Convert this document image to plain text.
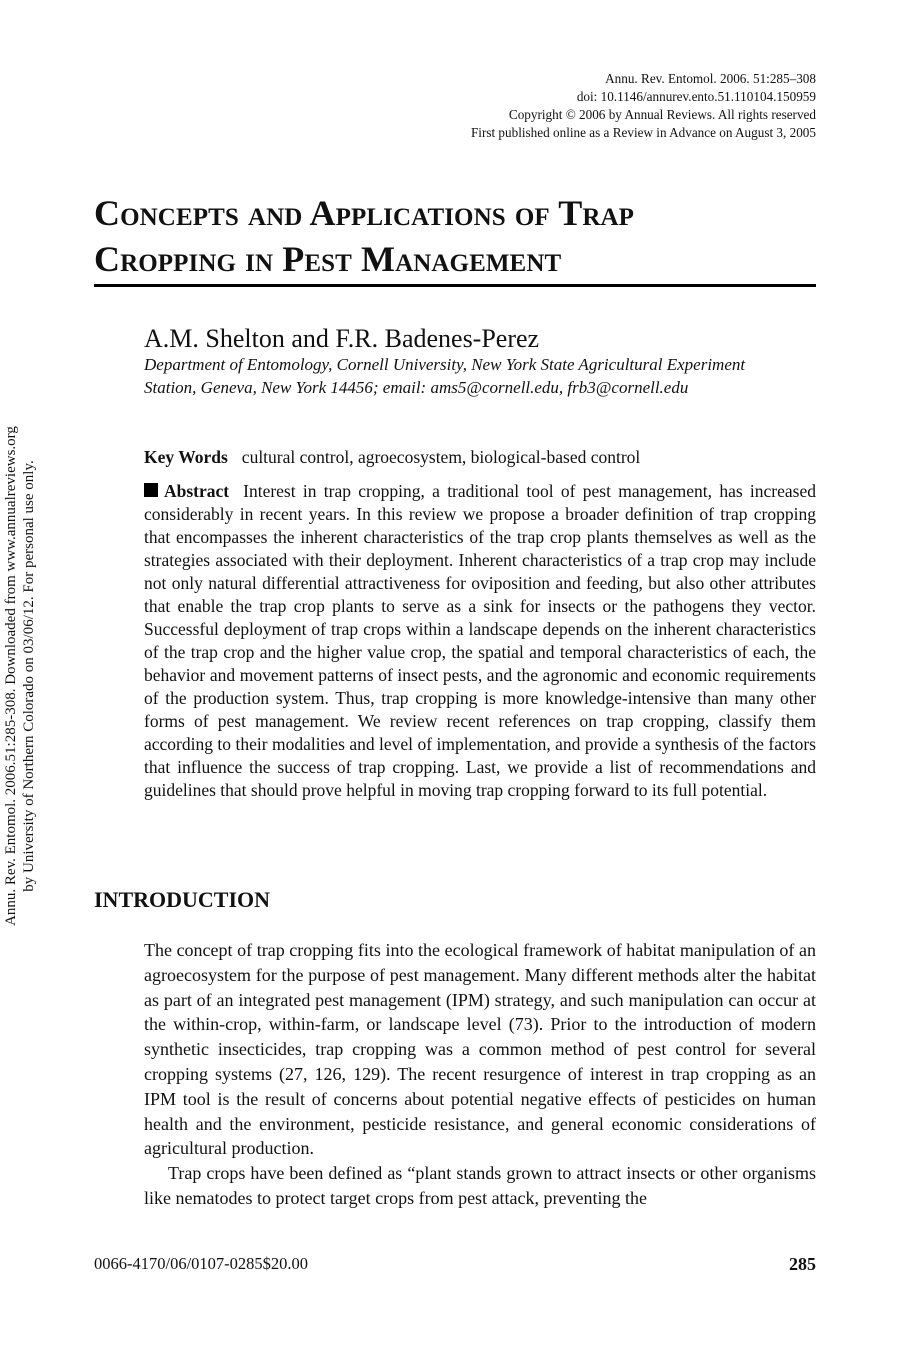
Annu. Rev. Entomol. 2006. 51:285–308
doi: 10.1146/annurev.ento.51.110104.150959
Copyright © 2006 by Annual Reviews. All rights reserved
First published online as a Review in Advance on August 3, 2005
Concepts and Applications of Trap
Cropping in Pest Management
A.M. Shelton and F.R. Badenes-Perez
Department of Entomology, Cornell University, New York State Agricultural Experiment
Station, Geneva, New York 14456; email: ams5@cornell.edu, frb3@cornell.edu
Key Words cultural control, agroecosystem, biological-based control
Abstract Interest in trap cropping, a traditional tool of pest management, has increased considerably in recent years. In this review we propose a broader definition of trap cropping that encompasses the inherent characteristics of the trap crop plants themselves as well as the strategies associated with their deployment. Inherent characteristics of a trap crop may include not only natural differential attractiveness for oviposition and feeding, but also other attributes that enable the trap crop plants to serve as a sink for insects or the pathogens they vector. Successful deployment of trap crops within a landscape depends on the inherent characteristics of the trap crop and the higher value crop, the spatial and temporal characteristics of each, the behavior and movement patterns of insect pests, and the agronomic and economic requirements of the production system. Thus, trap cropping is more knowledge-intensive than many other forms of pest management. We review recent references on trap cropping, classify them according to their modalities and level of implementation, and provide a synthesis of the factors that influence the success of trap cropping. Last, we provide a list of recommendations and guidelines that should prove helpful in moving trap cropping forward to its full potential.
INTRODUCTION

The concept of trap cropping fits into the ecological framework of habitat manipulation of an agroecosystem for the purpose of pest management. Many different methods alter the habitat as part of an integrated pest management (IPM) strategy, and such manipulation can occur at the within-crop, within-farm, or landscape level (73). Prior to the introduction of modern synthetic insecticides, trap cropping was a common method of pest control for several cropping systems (27, 126, 129). The recent resurgence of interest in trap cropping as an IPM tool is the result of concerns about potential negative effects of pesticides on human health and the environment, pesticide resistance, and general economic considerations of agricultural production.

Trap crops have been defined as “plant stands grown to attract insects or other organisms like nematodes to protect target crops from pest attack, preventing the

0066-4170/06/0107-0285$20.00	285
Annu. Rev. Entomol. 2006.51:285-308. Downloaded from www.annualreviews.org by University of Northern Colorado on 03/06/12. For personal use only.
